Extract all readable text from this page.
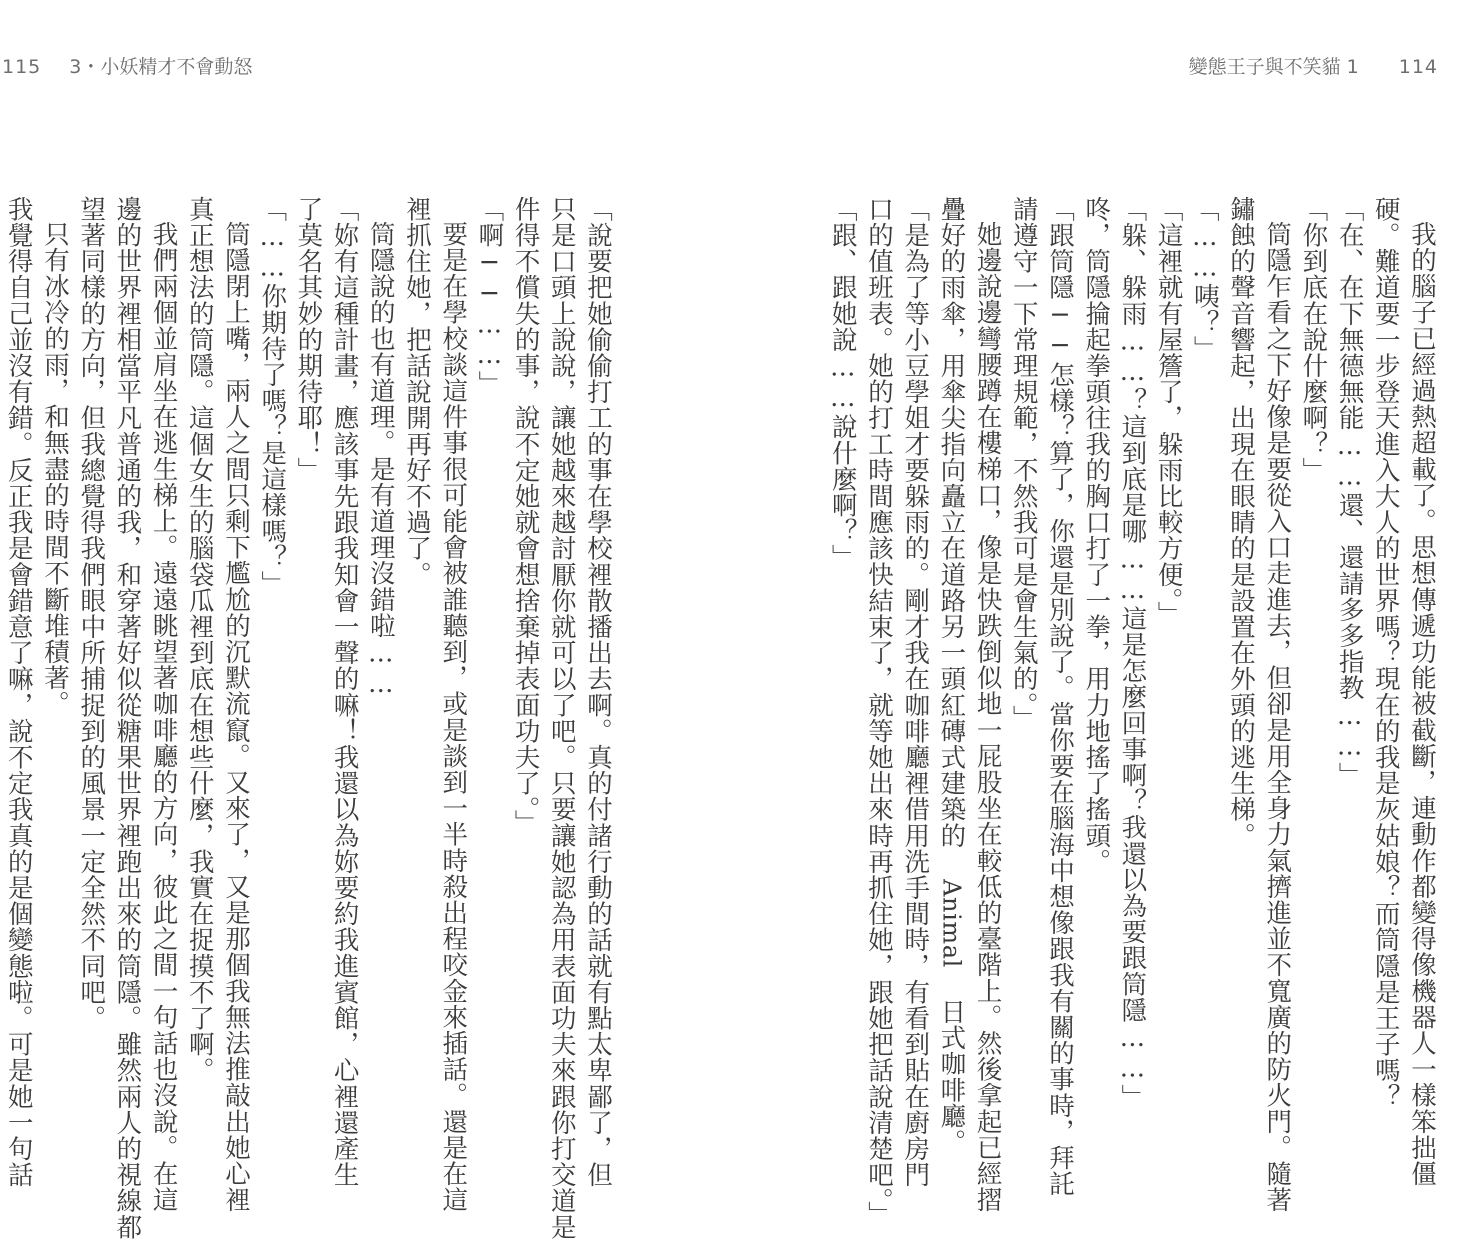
115 3・小妖精才不會動怒	變態王子與不笑貓 1 114
我的腦子已經過熱超載了。思想傳遞功能被截斷，連動作都變得像機器人一樣笨拙僵
硬。難道要一步登天進入大人的世界嗎？現在的我是灰姑娘？而筒隱是王子嗎？
「在、在下無德無能……還、還請多多指教……」
「你到底在說什麼啊？」
筒隱乍看之下好像是要從入口走進去，但卻是用全身力氣擠進並不寬廣的防火門。隨著
鏽蝕的聲音響起，出現在眼睛的是設置在外頭的逃生梯。
「……咦？」
「這裡就有屋簷了，躲雨比較方便。」
「躲、躲雨……？這到底是哪……這是怎麼回事啊？我還以為要跟筒隱……」
咚，筒隱掄起拳頭往我的胸口打了一拳，用力地搖了搖頭。
「跟筒隱──怎樣？算了，你還是別說了。當你要在腦海中想像跟我有關的事時，拜託
請遵守一下常理規範，不然我可是會生氣的。」
她邊說邊彎腰蹲在樓梯口，像是快跌倒似地一屁股坐在較低的臺階上。然後拿起已經摺
疊好的雨傘，用傘尖指向矗立在道路另一頭紅磚式建築的 Animal 日式咖啡廳。
「是為了等小豆學姐才要躲雨的。剛才我在咖啡廳裡借用洗手間時，有看到貼在廚房門
口的值班表。她的打工時間應該快結束了，就等她出來時再抓住她，跟她把話說清楚吧。」
「跟、跟她說……說什麼啊？」
「說要把她偷偷打工的事在學校裡散播出去啊。真的付諸行動的話就有點太卑鄙了，但
只是口頭上說說，讓她越來越討厭你就可以了吧。只要讓她認為用表面功夫來跟你打交道是
件得不償失的事，說不定她就會想捨棄掉表面功夫了。」
「啊──……」
要是在學校談這件事很可能會被誰聽到，或是談到一半時殺出程咬金來插話。還是在這
裡抓住她，把話說開再好不過了。
筒隱說的也有道理。是有道理沒錯啦……
「妳有這種計畫，應該事先跟我知會一聲的嘛！我還以為妳要約我進賓館，心裡還產生
了莫名其妙的期待耶！」
「……你期待了嗎？是這樣嗎？」
筒隱閉上嘴，兩人之間只剩下尷尬的沉默流竄。又來了，又是那個我無法推敲出她心裡
真正想法的筒隱。這個女生的腦袋瓜裡到底在想些什麼，我實在捉摸不了啊。
我們兩個並肩坐在逃生梯上。遠遠眺望著咖啡廳的方向，彼此之間一句話也沒說。在這
邊的世界裡相當平凡普通的我，和穿著好似從糖果世界裡跑出來的筒隱。雖然兩人的視線都
望著同樣的方向，但我總覺得我們眼中所捕捉到的風景一定全然不同吧。
只有冰冷的雨，和無盡的時間不斷堆積著。
我覺得自己並沒有錯。反正我是會錯意了嘛，說不定我真的是個變態啦。可是她一句話
